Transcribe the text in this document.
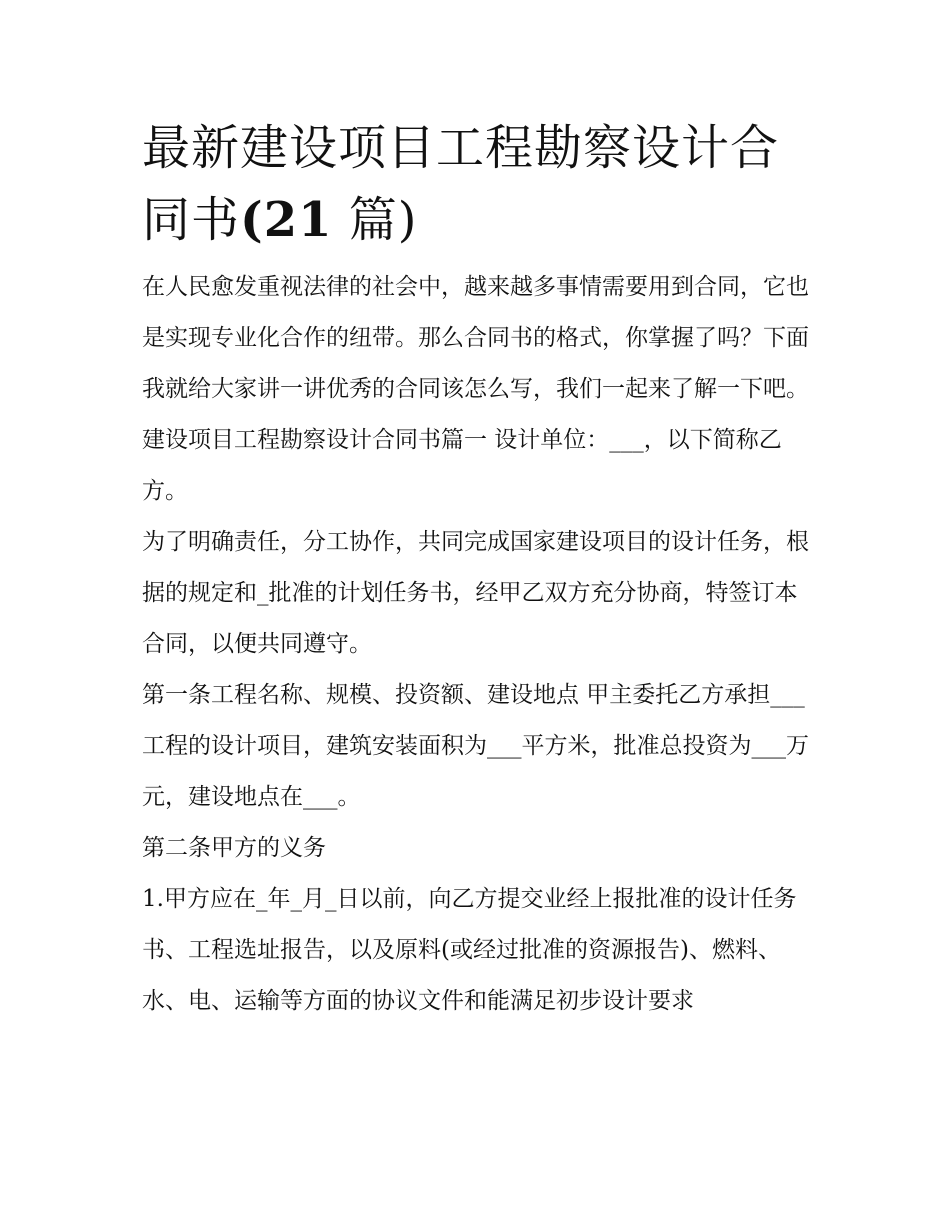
最新建设项目工程勘察设计合同书(21 篇)

在人民愈发重视法律的社会中，越来越多事情需要用到合同，它也是实现专业化合作的纽带。那么合同书的格式，你掌握了吗？下面我就给大家讲一讲优秀的合同该怎么写，我们一起来了解一下吧。

建设项目工程勘察设计合同书篇一 设计单位：___，以下简称乙方。

为了明确责任，分工协作，共同完成国家建设项目的设计任务，根据的规定和_批准的计划任务书，经甲乙双方充分协商，特签订本合同，以便共同遵守。

第一条工程名称、规模、投资额、建设地点 甲主委托乙方承担___工程的设计项目，建筑安装面积为___平方米，批准总投资为___万元，建设地点在___。

第二条甲方的义务

1.甲方应在_年_月_日以前，向乙方提交业经上报批准的设计任务书、工程选址报告，以及原料(或经过批准的资源报告)、燃料、水、电、运输等方面的协议文件和能满足初步设计要求
